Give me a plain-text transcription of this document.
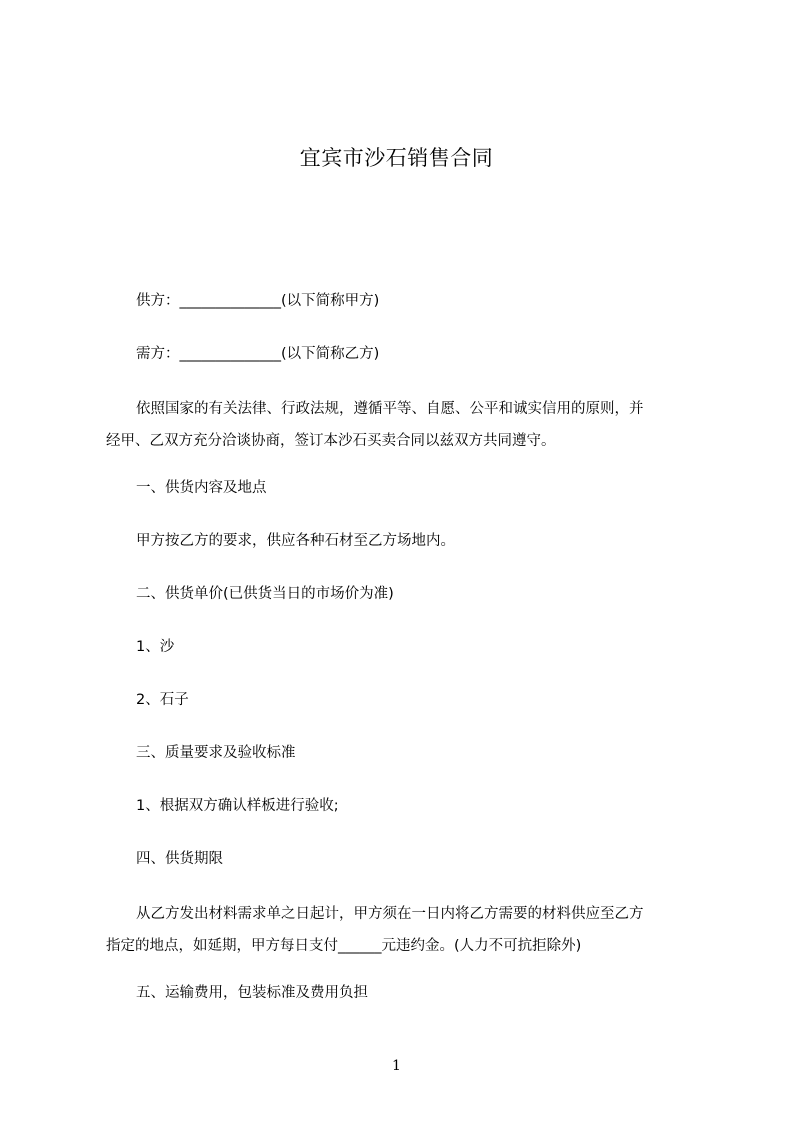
宜宾市沙石销售合同
供方：______________(以下简称甲方)
需方：______________(以下简称乙方)
依照国家的有关法律、行政法规，遵循平等、自愿、公平和诚实信用的原则，并
经甲、乙双方充分洽谈协商，签订本沙石买卖合同以兹双方共同遵守。
一、供货内容及地点
甲方按乙方的要求，供应各种石材至乙方场地内。
二、供货单价(已供货当日的市场价为准)
1、沙
2、石子
三、质量要求及验收标准
1、根据双方确认样板进行验收;
四、供货期限
从乙方发出材料需求单之日起计，甲方须在一日内将乙方需要的材料供应至乙方
指定的地点，如延期，甲方每日支付______元违约金。(人力不可抗拒除外)
五、运输费用，包装标准及费用负担
1
